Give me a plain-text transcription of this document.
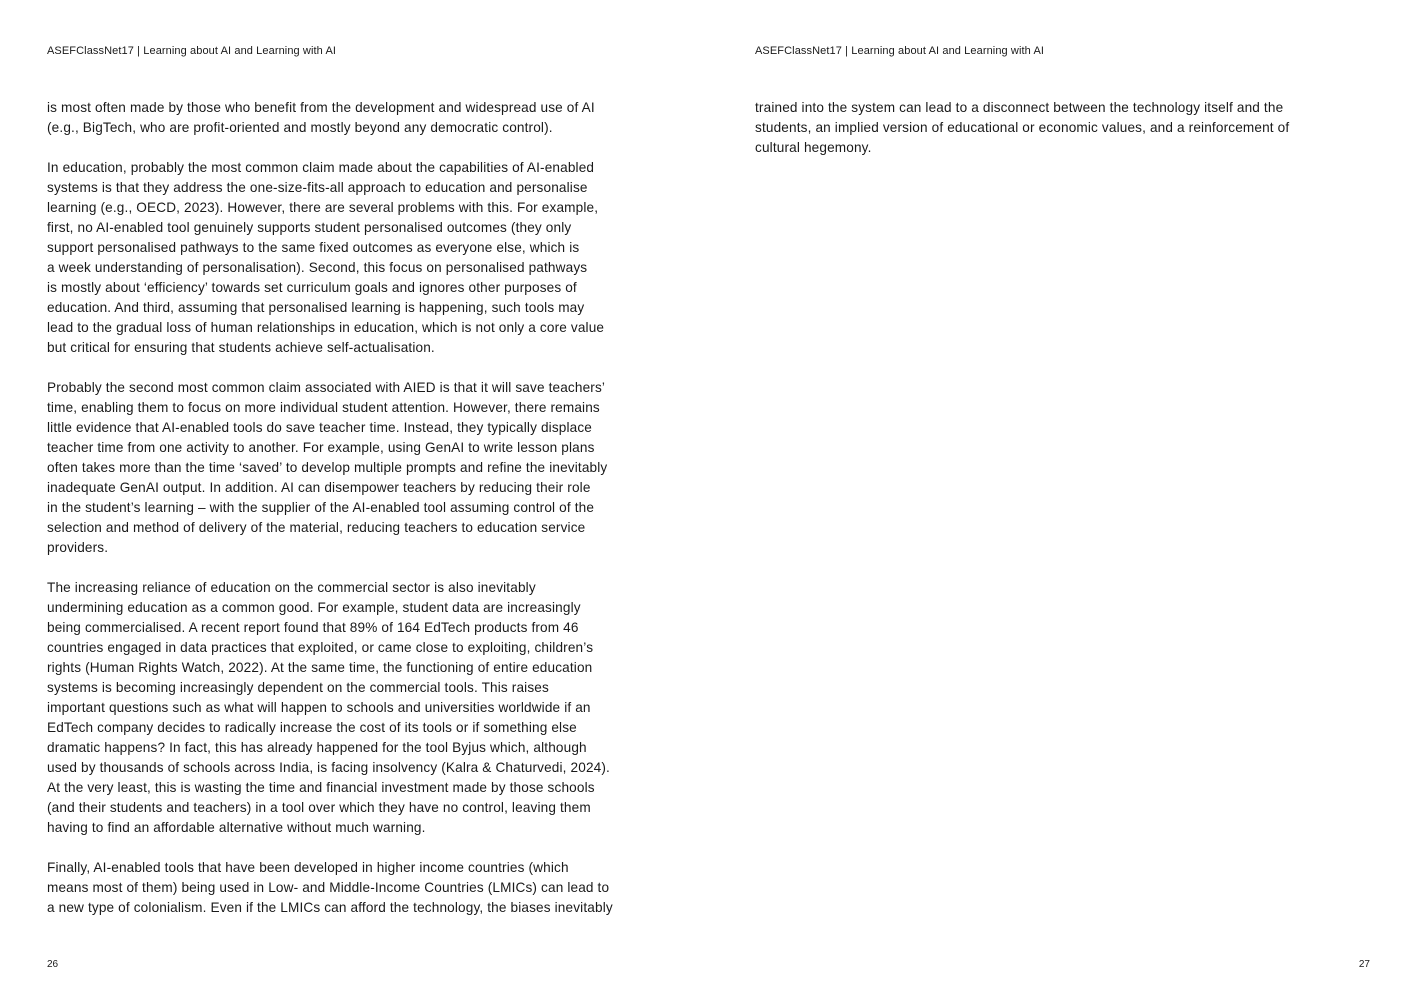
ASEFClassNet17 | Learning about AI and Learning with AI
is most often made by those who benefit from the development and widespread use of AI
(e.g., BigTech, who are profit-oriented and mostly beyond any democratic control).
In education, probably the most common claim made about the capabilities of AI-enabled
systems is that they address the one-size-fits-all approach to education and personalise
learning (e.g., OECD, 2023). However, there are several problems with this. For example,
first, no AI-enabled tool genuinely supports student personalised outcomes (they only
support personalised pathways to the same fixed outcomes as everyone else, which is
a week understanding of personalisation). Second, this focus on personalised pathways
is mostly about ‘efficiency’ towards set curriculum goals and ignores other purposes of
education. And third, assuming that personalised learning is happening, such tools may
lead to the gradual loss of human relationships in education, which is not only a core value
but critical for ensuring that students achieve self-actualisation.
Probably the second most common claim associated with AIED is that it will save teachers’
time, enabling them to focus on more individual student attention. However, there remains
little evidence that AI-enabled tools do save teacher time. Instead, they typically displace
teacher time from one activity to another. For example, using GenAI to write lesson plans
often takes more than the time ‘saved’ to develop multiple prompts and refine the inevitably
inadequate GenAI output. In addition. AI can disempower teachers by reducing their role
in the student’s learning – with the supplier of the AI-enabled tool assuming control of the
selection and method of delivery of the material, reducing teachers to education service
providers.
The increasing reliance of education on the commercial sector is also inevitably
undermining education as a common good. For example, student data are increasingly
being commercialised. A recent report found that 89% of 164 EdTech products from 46
countries engaged in data practices that exploited, or came close to exploiting, children’s
rights (Human Rights Watch, 2022). At the same time, the functioning of entire education
systems is becoming increasingly dependent on the commercial tools. This raises
important questions such as what will happen to schools and universities worldwide if an
EdTech company decides to radically increase the cost of its tools or if something else
dramatic happens? In fact, this has already happened for the tool Byjus which, although
used by thousands of schools across India, is facing insolvency (Kalra & Chaturvedi, 2024).
At the very least, this is wasting the time and financial investment made by those schools
(and their students and teachers) in a tool over which they have no control, leaving them
having to find an affordable alternative without much warning.
Finally, AI-enabled tools that have been developed in higher income countries (which
means most of them) being used in Low- and Middle-Income Countries (LMICs) can lead to
a new type of colonialism. Even if the LMICs can afford the technology, the biases inevitably
26
ASEFClassNet17 | Learning about AI and Learning with AI
trained into the system can lead to a disconnect between the technology itself and the
students, an implied version of educational or economic values, and a reinforcement of
cultural hegemony.
27
